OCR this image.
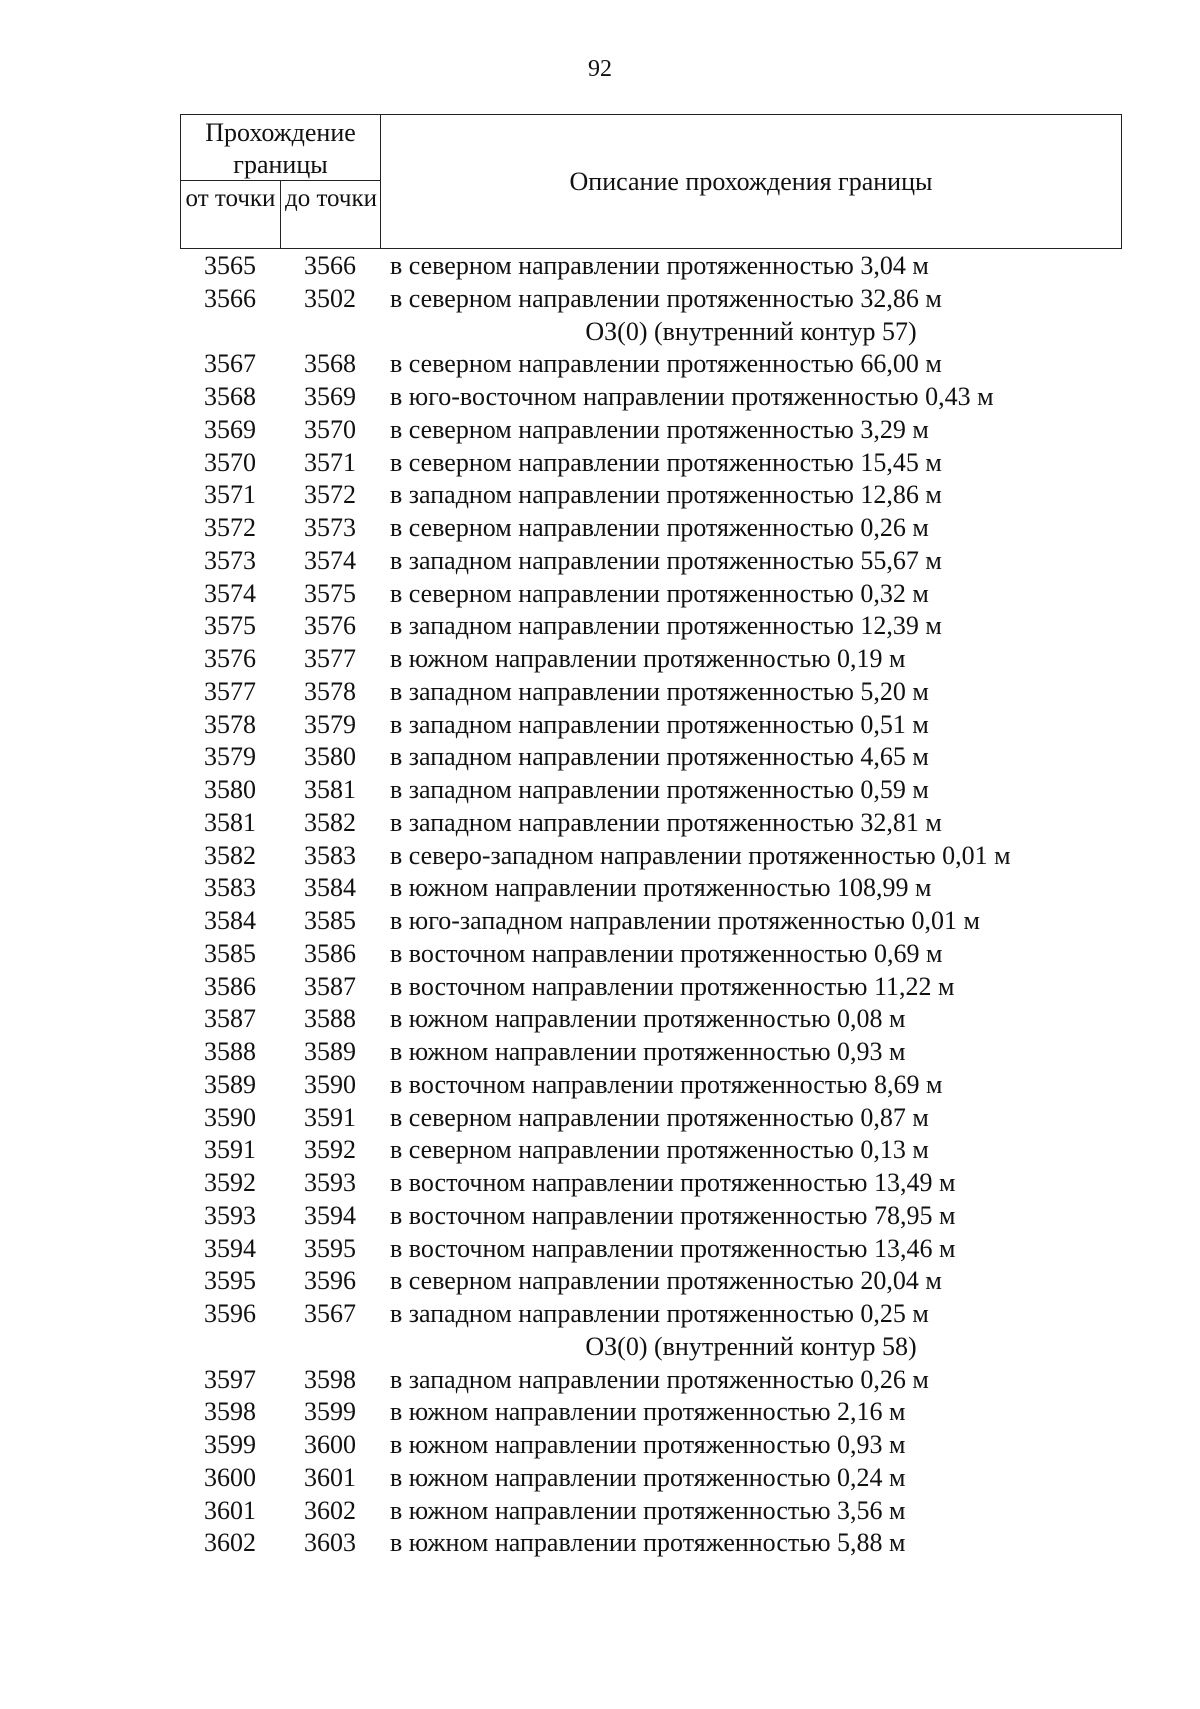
92
Прохождение границы
от точки до точки
Описание прохождения границы
3565	3566	в северном направлении протяженностью 3,04 м
3566	3502	в северном направлении протяженностью 32,86 м
ОЗ(0) (внутренний контур 57)
3567	3568	в северном направлении протяженностью 66,00 м
3568	3569	в юго-восточном направлении протяженностью 0,43 м
3569	3570	в северном направлении протяженностью 3,29 м
3570	3571	в северном направлении протяженностью 15,45 м
3571	3572	в западном направлении протяженностью 12,86 м
3572	3573	в северном направлении протяженностью 0,26 м
3573	3574	в западном направлении протяженностью 55,67 м
3574	3575	в северном направлении протяженностью 0,32 м
3575	3576	в западном направлении протяженностью 12,39 м
3576	3577	в южном направлении протяженностью 0,19 м
3577	3578	в западном направлении протяженностью 5,20 м
3578	3579	в западном направлении протяженностью 0,51 м
3579	3580	в западном направлении протяженностью 4,65 м
3580	3581	в западном направлении протяженностью 0,59 м
3581	3582	в западном направлении протяженностью 32,81 м
3582	3583	в северо-западном направлении протяженностью 0,01 м
3583	3584	в южном направлении протяженностью 108,99 м
3584	3585	в юго-западном направлении протяженностью 0,01 м
3585	3586	в восточном направлении протяженностью 0,69 м
3586	3587	в восточном направлении протяженностью 11,22 м
3587	3588	в южном направлении протяженностью 0,08 м
3588	3589	в южном направлении протяженностью 0,93 м
3589	3590	в восточном направлении протяженностью 8,69 м
3590	3591	в северном направлении протяженностью 0,87 м
3591	3592	в северном направлении протяженностью 0,13 м
3592	3593	в восточном направлении протяженностью 13,49 м
3593	3594	в восточном направлении протяженностью 78,95 м
3594	3595	в восточном направлении протяженностью 13,46 м
3595	3596	в северном направлении протяженностью 20,04 м
3596	3567	в западном направлении протяженностью 0,25 м
ОЗ(0) (внутренний контур 58)
3597	3598	в западном направлении протяженностью 0,26 м
3598	3599	в южном направлении протяженностью 2,16 м
3599	3600	в южном направлении протяженностью 0,93 м
3600	3601	в южном направлении протяженностью 0,24 м
3601	3602	в южном направлении протяженностью 3,56 м
3602	3603	в южном направлении протяженностью 5,88 м
